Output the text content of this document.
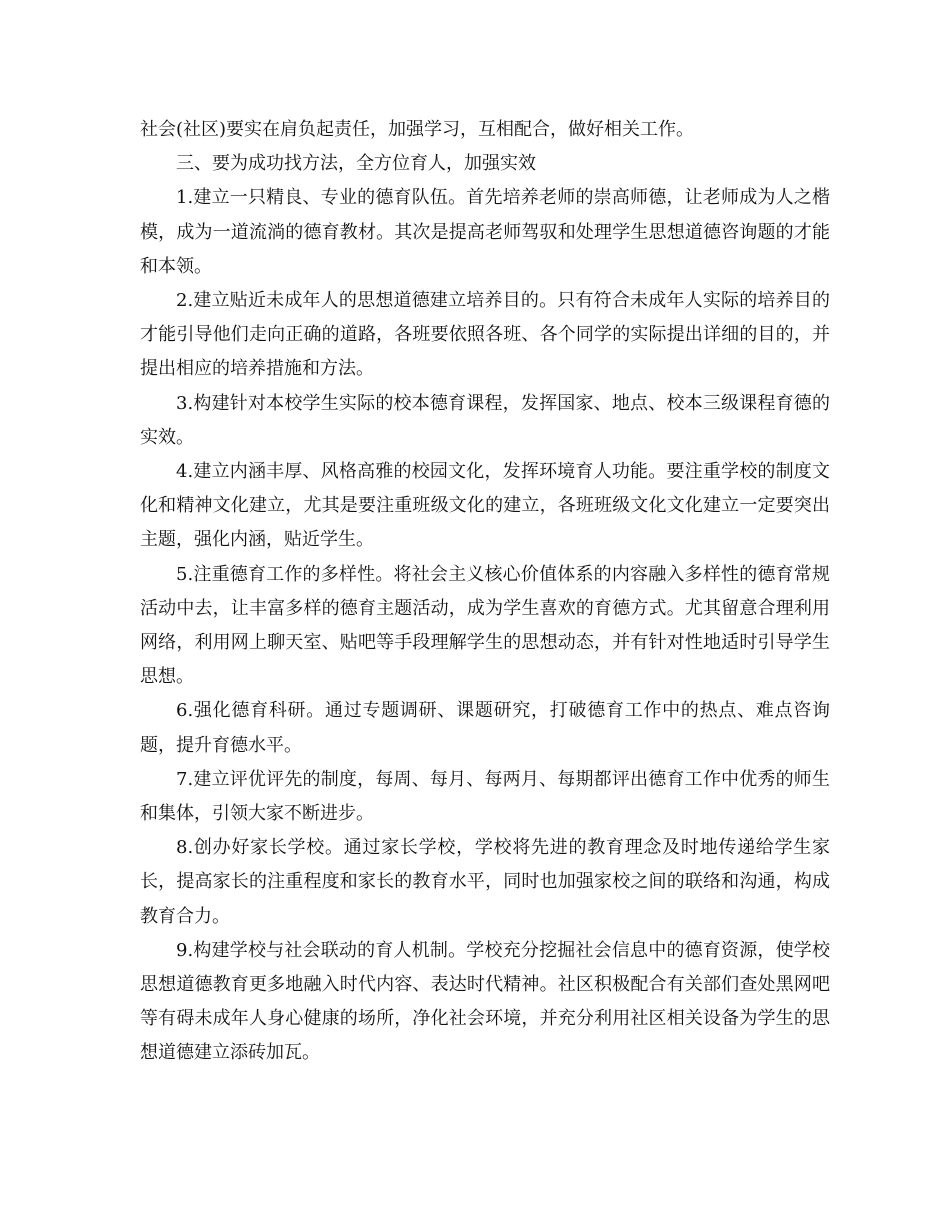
社会(社区)要实在肩负起责任，加强学习，互相配合，做好相关工作。

三、要为成功找方法，全方位育人，加强实效

1.建立一只精良、专业的德育队伍。首先培养老师的崇高师德，让老师成为人之楷模，成为一道流淌的德育教材。其次是提高老师驾驭和处理学生思想道德咨询题的才能和本领。

2.建立贴近未成年人的思想道德建立培养目的。只有符合未成年人实际的培养目的才能引导他们走向正确的道路，各班要依照各班、各个同学的实际提出详细的目的，并提出相应的培养措施和方法。

3.构建针对本校学生实际的校本德育课程，发挥国家、地点、校本三级课程育德的实效。

4.建立内涵丰厚、风格高雅的校园文化，发挥环境育人功能。要注重学校的制度文化和精神文化建立，尤其是要注重班级文化的建立，各班班级文化文化建立一定要突出主题，强化内涵，贴近学生。

5.注重德育工作的多样性。将社会主义核心价值体系的内容融入多样性的德育常规活动中去，让丰富多样的德育主题活动，成为学生喜欢的育德方式。尤其留意合理利用网络，利用网上聊天室、贴吧等手段理解学生的思想动态，并有针对性地适时引导学生思想。

6.强化德育科研。通过专题调研、课题研究，打破德育工作中的热点、难点咨询题，提升育德水平。

7.建立评优评先的制度，每周、每月、每两月、每期都评出德育工作中优秀的师生和集体，引领大家不断进步。

8.创办好家长学校。通过家长学校，学校将先进的教育理念及时地传递给学生家长，提高家长的注重程度和家长的教育水平，同时也加强家校之间的联络和沟通，构成教育合力。

9.构建学校与社会联动的育人机制。学校充分挖掘社会信息中的德育资源，使学校思想道德教育更多地融入时代内容、表达时代精神。社区积极配合有关部们查处黑网吧等有碍未成年人身心健康的场所，净化社会环境，并充分利用社区相关设备为学生的思想道德建立添砖加瓦。
